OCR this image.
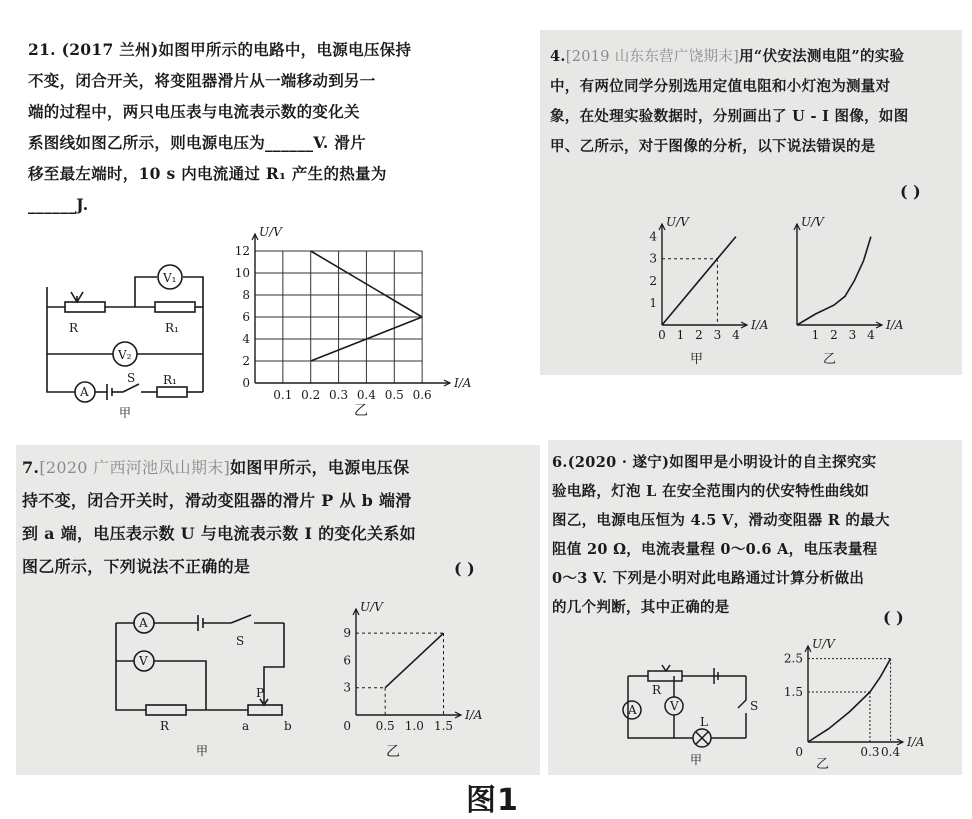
21. (2017 兰州)如图甲所示的电路中，电源电压保持
不变，闭合开关，将变阻器滑片从一端移动到另一
端的过程中，两只电压表与电流表示数的变化关
系图线如图乙所示，则电源电压为______V. 滑片
移至最左端时，10 s 内电流通过 R₁ 产生的热量为
______J.
R	R₁
V₁
V₂
A
S R₁
甲
0.1 0.2 0.3 0.4 0.5 0.6
0
2
4
6
8
10
12
I/A
U/V
乙
4.[2019 山东东营广饶期末]用“伏安法测电阻”的实验
中，有两位同学分别选用定值电阻和小灯泡为测量对
象，在处理实验数据时，分别画出了 U - I 图像，如图
甲、乙所示，对于图像的分析，以下说法错误的是
( )
0 1 2 3 4
1
2
3
4
I/A
U/V
1 2 3 4
I/A
U/V
甲	乙
7.[2020 广西河池凤山期末]如图甲所示，电源电压保
持不变，闭合开关时，滑动变阻器的滑片 P 从 b 端滑
到 a 端，电压表示数 U 与电流表示数 I 的变化关系如
图乙所示，下列说法不正确的是	( )
A
V
S
R
P
a	b
甲
0.5 1.0 1.5
3
6
9
0
I/A
U/V
乙
6.(2020 · 遂宁)如图甲是小明设计的自主探究实
验电路，灯泡 L 在安全范围内的伏安特性曲线如
图乙，电源电压恒为 4.5 V，滑动变阻器 R 的最大
阻值 20 Ω，电流表量程 0～0.6 A，电压表量程
0～3 V. 下列是小明对此电路通过计算分析做出
的几个判断，其中正确的是
( )
R
A	V
L
S
甲
0.3 0.4
1.5
2.5
0
I/A
U/V
乙
图1
